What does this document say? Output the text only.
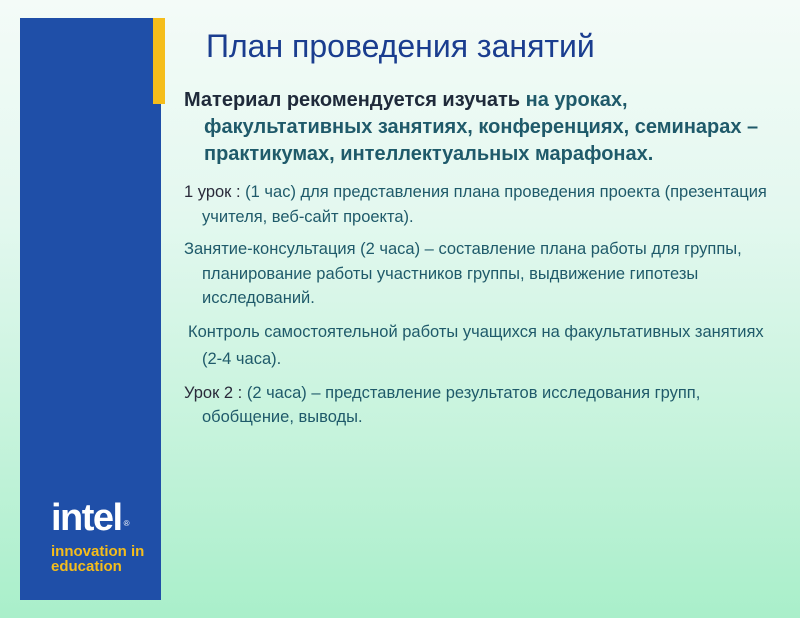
intel ®
innovation in
education
План проведения занятий

Материал рекомендуется изучать на уроках, факультативных занятиях, конференциях, семинарах – практикумах, интеллектуальных марафонах.

1 урок : (1 час) для представления плана проведения проекта (презентация учителя, веб-сайт проекта).

Занятие-консультация (2 часа) – составление плана работы для группы, планирование работы участников группы, выдвижение гипотезы исследований.

Контроль самостоятельной работы учащихся на факультативных занятиях (2-4 часа).

Урок 2 : (2 часа) – представление результатов исследования групп, обобщение, выводы.
